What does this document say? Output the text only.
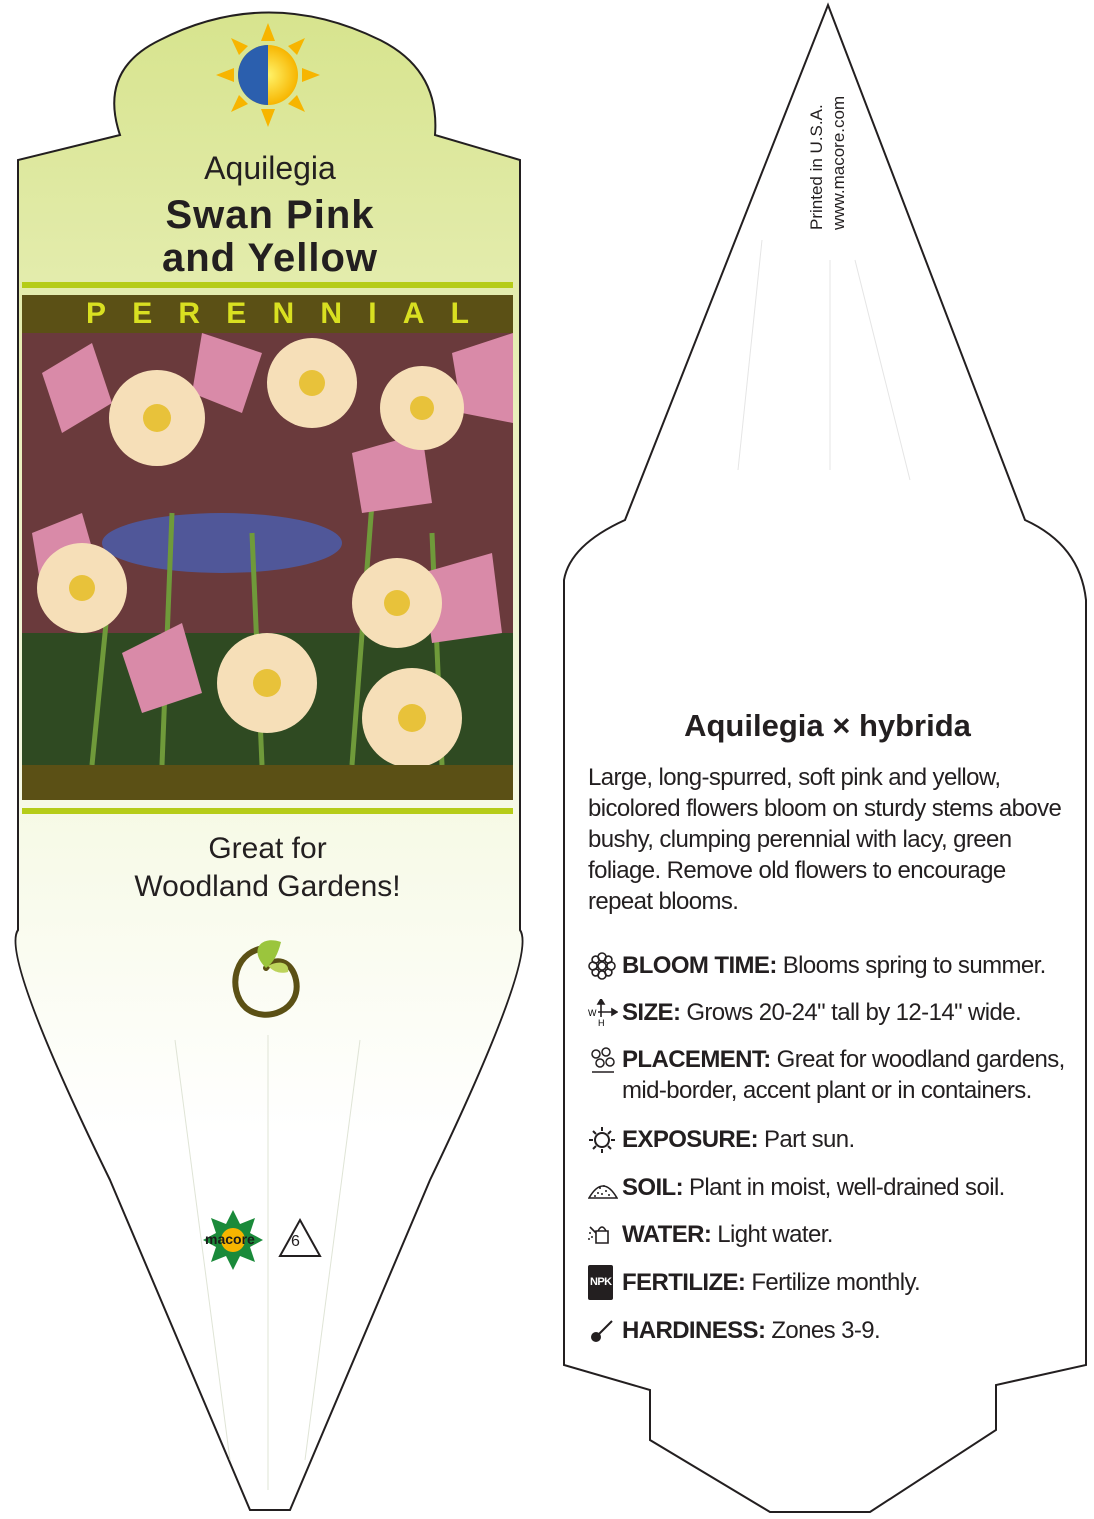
Aquilegia
Swan Pink
and Yellow
P E R E N N I A L
Great for
Woodland Gardens!
macore 6
Printed in U.S.A. www.macore.com
Aquilegia × hybrida
Large, long-spurred, soft pink and yellow, bicolored flowers bloom on sturdy stems above bushy, clumping perennial with lacy, green foliage. Remove old flowers to encourage repeat blooms.
BLOOM TIME: Blooms spring to summer.
W
H SIZE: Grows 20-24" tall by 12-14" wide.
PLACEMENT: Great for woodland gardens, mid-border, accent plant or in containers.
EXPOSURE: Part sun.
SOIL: Plant in moist, well-drained soil.
WATER: Light water.
NPK FERTILIZE: Fertilize monthly.
HARDINESS: Zones 3-9.
